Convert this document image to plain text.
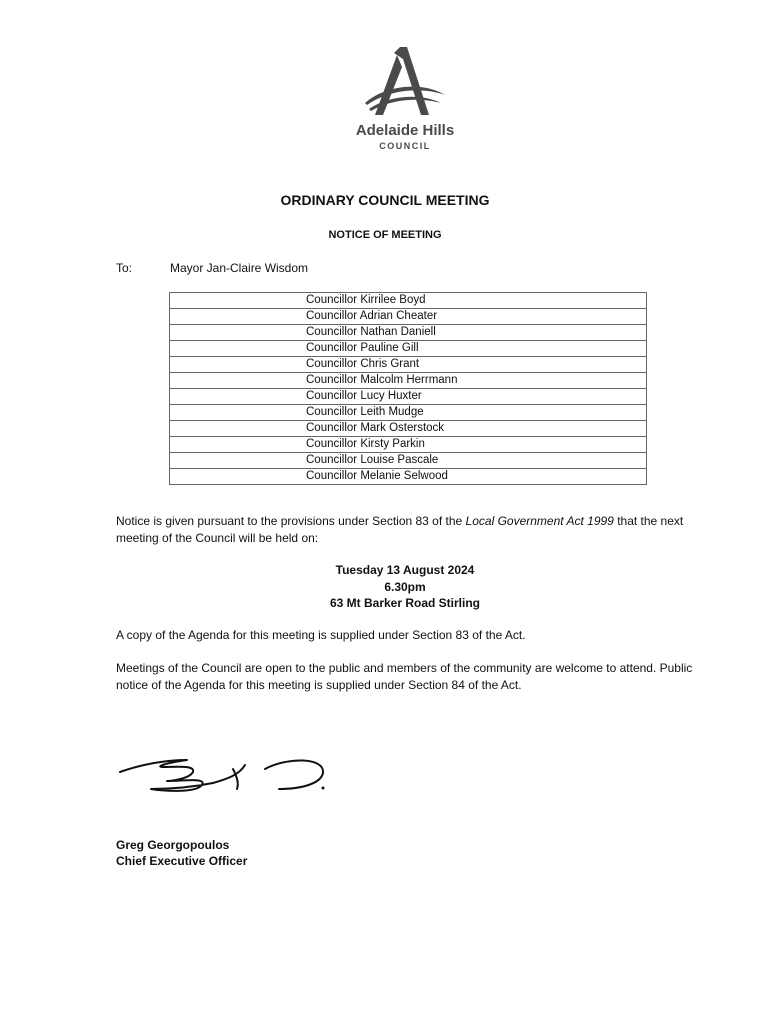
Adelaide Hills
COUNCIL
ORDINARY COUNCIL MEETING
NOTICE OF MEETING
To:	Mayor Jan-Claire Wisdom
Councillor Kirrilee Boyd
Councillor Adrian Cheater
Councillor Nathan Daniell
Councillor Pauline Gill
Councillor Chris Grant
Councillor Malcolm Herrmann
Councillor Lucy Huxter
Councillor Leith Mudge
Councillor Mark Osterstock
Councillor Kirsty Parkin
Councillor Louise Pascale
Councillor Melanie Selwood
Notice is given pursuant to the provisions under Section 83 of the Local Government Act 1999 that the next meeting of the Council will be held on:
Tuesday 13 August 2024
6.30pm
63 Mt Barker Road Stirling
A copy of the Agenda for this meeting is supplied under Section 83 of the Act.
Meetings of the Council are open to the public and members of the community are welcome to attend. Public notice of the Agenda for this meeting is supplied under Section 84 of the Act.
Greg Georgopoulos
Chief Executive Officer
